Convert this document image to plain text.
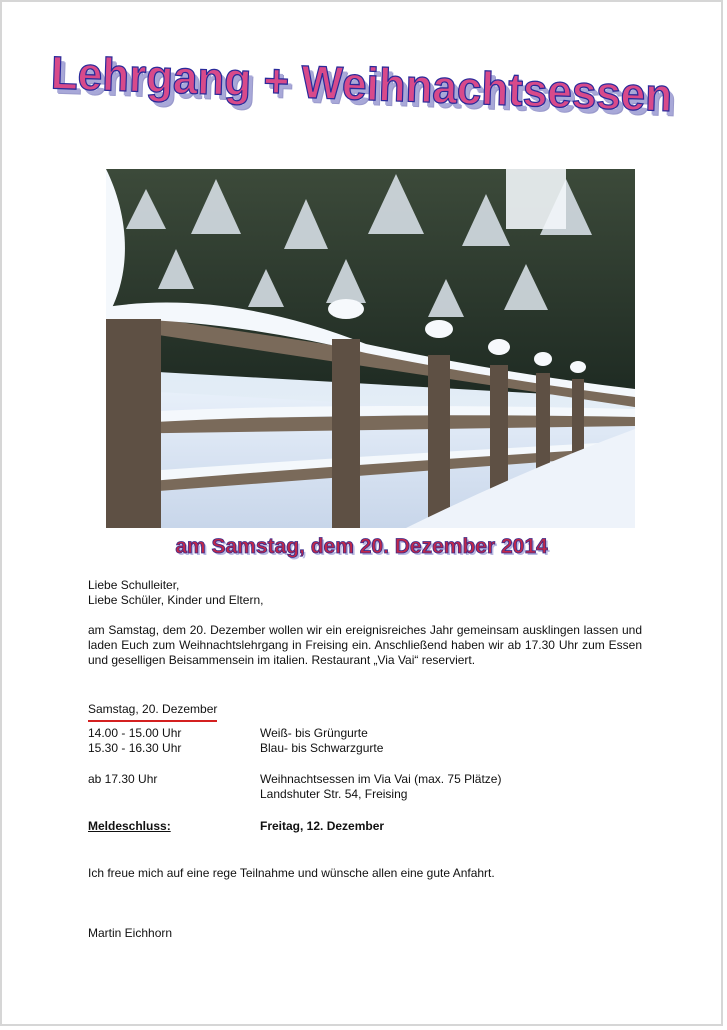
Lehrgang + Weihnachtsessen
am Samstag, dem 20. Dezember 2014
Liebe Schulleiter,
Liebe Schüler, Kinder und Eltern,
am Samstag, dem 20. Dezember wollen wir ein ereignisreiches Jahr gemeinsam ausklingen lassen und laden Euch zum Weihnachtslehrgang in Freising ein. Anschließend haben wir ab 17.30 Uhr zum Essen und geselligen Beisammensein im italien. Restaurant „Via Vai“ reserviert.
Samstag, 20. Dezember
14.00 - 15.00 Uhr	Weiß- bis Grüngurte
15.30 - 16.30 Uhr	Blau- bis Schwarzgurte
ab 17.30 Uhr	Weihnachtsessen im Via Vai (max. 75 Plätze)
Landshuter Str. 54, Freising
Meldeschluss:	Freitag, 12. Dezember
Ich freue mich auf eine rege Teilnahme und wünsche allen eine gute Anfahrt.
Martin Eichhorn
